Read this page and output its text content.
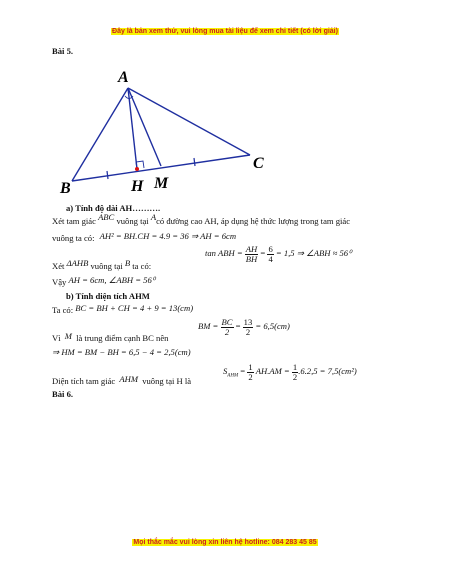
Đây là bản xem thử, vui lòng mua tài liệu để xem chi tiết (có lời giải)
Bài 5.
A
B
C
H M
a) Tính độ dài AH……….
Xét tam giác ABC vuông tại Acó đường cao AH, áp dụng hệ thức lượng trong tam giác
vuông ta có: AH² = BH.CH = 4.9 = 36 ⇒ AH = 6cm
tan ABH = $\frac{AH}{BH} = \frac{6}{4} = 1,5$ ⇒ ∠ABH ≈ 56⁰
Xét ΔAHB vuông tại B ta có:
Vậy AH = 6cm, ∠ABH = 56⁰
b) Tính diện tích AHM
Ta có: BC = BH + CH = 4 + 9 = 13(cm)
BM = $\frac{BC}{2} = \frac{13}{2} = 6,5(cm)$
Vì M là trung điểm cạnh BC nên
⇒ HM = BM − BH = 6,5 − 4 = 2,5(cm)
Diện tích tam giác AHM vuông tại H là
$S_{AHM} = \frac{1}{2} AH.AM = \frac{1}{2} .6.2,5 = 7,5(cm^2)$
Bài 6.
Mọi thắc mắc vui lòng xin liên hệ hotline: 084 283 45 85
